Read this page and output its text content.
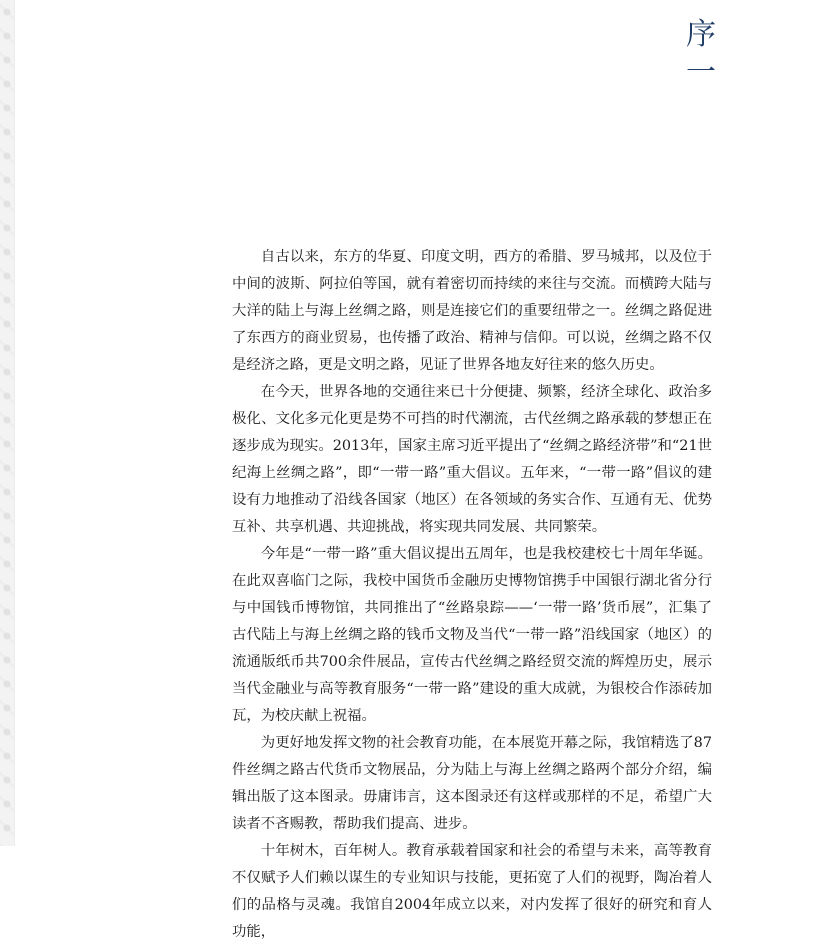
序
一

自古以来，东方的华夏、印度文明，西方的希腊、罗马城邦，以及位于中间的波斯、阿拉伯等国，就有着密切而持续的来往与交流。而横跨大陆与大洋的陆上与海上丝绸之路，则是连接它们的重要纽带之一。丝绸之路促进了东西方的商业贸易，也传播了政治、精神与信仰。可以说，丝绸之路不仅是经济之路，更是文明之路，见证了世界各地友好往来的悠久历史。

在今天，世界各地的交通往来已十分便捷、频繁，经济全球化、政治多极化、文化多元化更是势不可挡的时代潮流，古代丝绸之路承载的梦想正在逐步成为现实。2013年，国家主席习近平提出了“丝绸之路经济带”和“21世纪海上丝绸之路”，即“一带一路”重大倡议。五年来，“一带一路”倡议的建设有力地推动了沿线各国家（地区）在各领域的务实合作、互通有无、优势互补、共享机遇、共迎挑战，将实现共同发展、共同繁荣。

今年是“一带一路”重大倡议提出五周年，也是我校建校七十周年华诞。在此双喜临门之际，我校中国货币金融历史博物馆携手中国银行湖北省分行与中国钱币博物馆，共同推出了“丝路泉踪——‘一带一路’货币展”，汇集了古代陆上与海上丝绸之路的钱币文物及当代“一带一路”沿线国家（地区）的流通版纸币共700余件展品，宣传古代丝绸之路经贸交流的辉煌历史，展示当代金融业与高等教育服务“一带一路”建设的重大成就，为银校合作添砖加瓦，为校庆献上祝福。

为更好地发挥文物的社会教育功能，在本展览开幕之际，我馆精选了87件丝绸之路古代货币文物展品，分为陆上与海上丝绸之路两个部分介绍，编辑出版了这本图录。毋庸讳言，这本图录还有这样或那样的不足，希望广大读者不吝赐教，帮助我们提高、进步。

十年树木，百年树人。教育承载着国家和社会的希望与未来，高等教育不仅赋予人们赖以谋生的专业知识与技能，更拓宽了人们的视野，陶冶着人们的品格与灵魂。我馆自2004年成立以来，对内发挥了很好的研究和育人功能，
